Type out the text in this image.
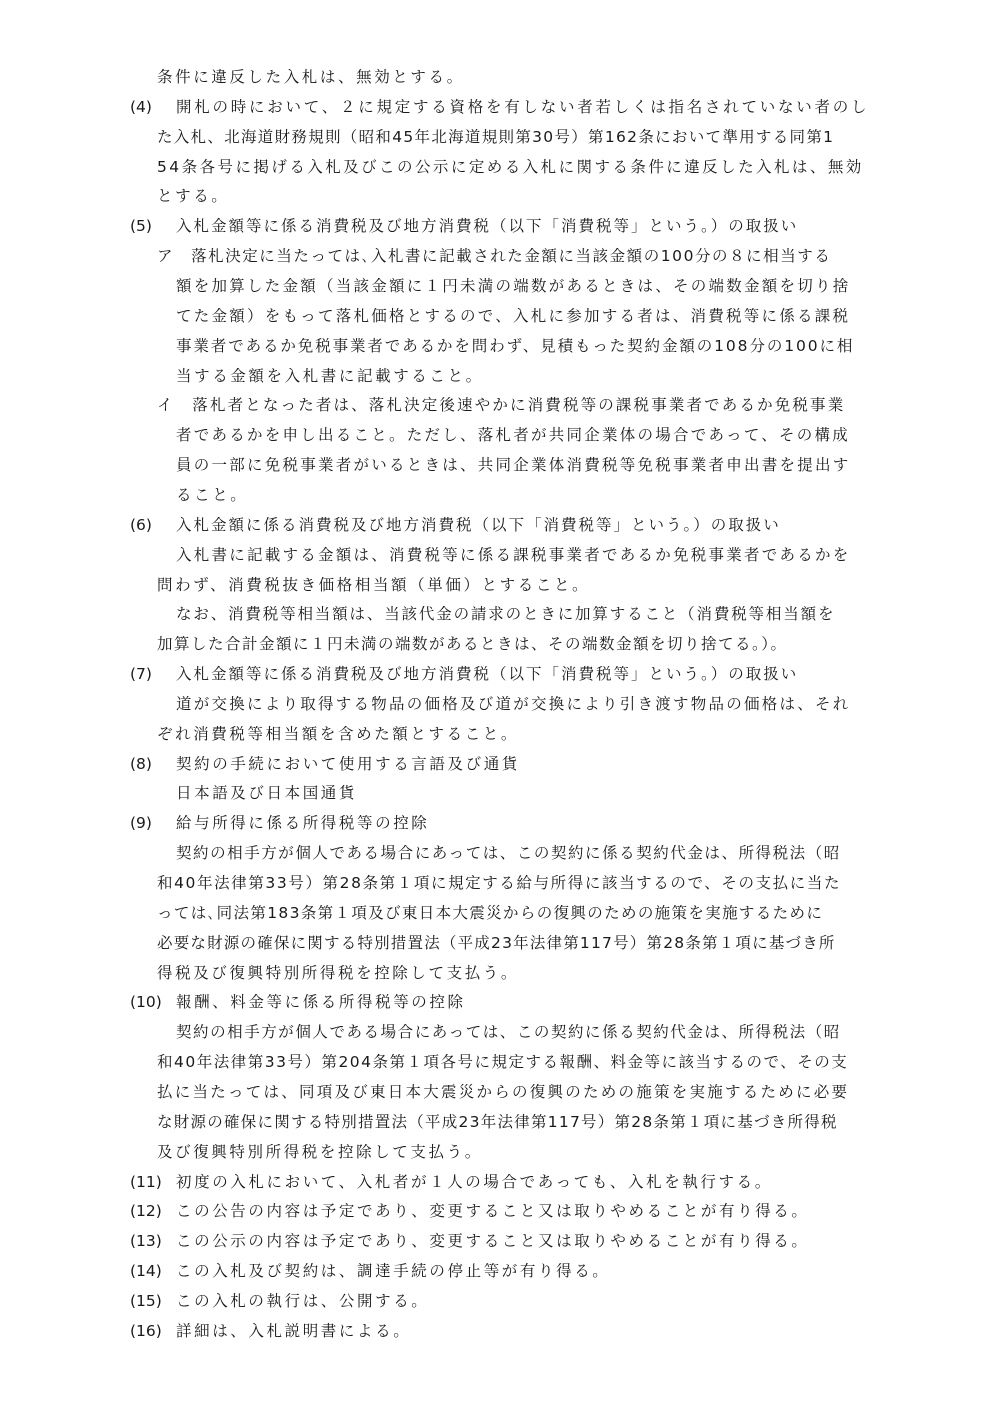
条件に違反した入札は、無効とする。
(4) 開札の時において、２に規定する資格を有しない者若しくは指名されていない者のし
た入札、北海道財務規則（昭和45年北海道規則第30号）第162条において準用する同第1
54条各号に掲げる入札及びこの公示に定める入札に関する条件に違反した入札は、無効
とする。
(5) 入札金額等に係る消費税及び地方消費税（以下「消費税等」という。）の取扱い
ア　落札決定に当たっては､入札書に記載された金額に当該金額の100分の８に相当する
額を加算した金額（当該金額に１円未満の端数があるときは、その端数金額を切り捨
てた金額）をもって落札価格とするので、入札に参加する者は、消費税等に係る課税
事業者であるか免税事業者であるかを問わず、見積もった契約金額の108分の100に相
当する金額を入札書に記載すること。
イ　落札者となった者は、落札決定後速やかに消費税等の課税事業者であるか免税事業
者であるかを申し出ること。ただし、落札者が共同企業体の場合であって、その構成
員の一部に免税事業者がいるときは、共同企業体消費税等免税事業者申出書を提出す
ること。
(6) 入札金額に係る消費税及び地方消費税（以下「消費税等」という。）の取扱い
入札書に記載する金額は、消費税等に係る課税事業者であるか免税事業者であるかを
問わず、消費税抜き価格相当額（単価）とすること。
なお、消費税等相当額は、当該代金の請求のときに加算すること（消費税等相当額を
加算した合計金額に１円未満の端数があるときは、その端数金額を切り捨てる。）。
(7) 入札金額等に係る消費税及び地方消費税（以下「消費税等」という。）の取扱い
道が交換により取得する物品の価格及び道が交換により引き渡す物品の価格は、それ
ぞれ消費税等相当額を含めた額とすること。
(8) 契約の手続において使用する言語及び通貨
日本語及び日本国通貨
(9) 給与所得に係る所得税等の控除
契約の相手方が個人である場合にあっては、この契約に係る契約代金は、所得税法（昭
和40年法律第33号）第28条第１項に規定する給与所得に該当するので、その支払に当た
っては､同法第183条第１項及び東日本大震災からの復興のための施策を実施するために
必要な財源の確保に関する特別措置法（平成23年法律第117号）第28条第１項に基づき所
得税及び復興特別所得税を控除して支払う。
(10) 報酬、料金等に係る所得税等の控除
契約の相手方が個人である場合にあっては、この契約に係る契約代金は、所得税法（昭
和40年法律第33号）第204条第１項各号に規定する報酬、料金等に該当するので、その支
払に当たっては、同項及び東日本大震災からの復興のための施策を実施するために必要
な財源の確保に関する特別措置法（平成23年法律第117号）第28条第１項に基づき所得税
及び復興特別所得税を控除して支払う。
(11) 初度の入札において、入札者が１人の場合であっても、入札を執行する。
(12) この公告の内容は予定であり、変更すること又は取りやめることが有り得る。
(13) この公示の内容は予定であり、変更すること又は取りやめることが有り得る。
(14) この入札及び契約は、調達手続の停止等が有り得る。
(15) この入札の執行は、公開する。
(16) 詳細は、入札説明書による。
